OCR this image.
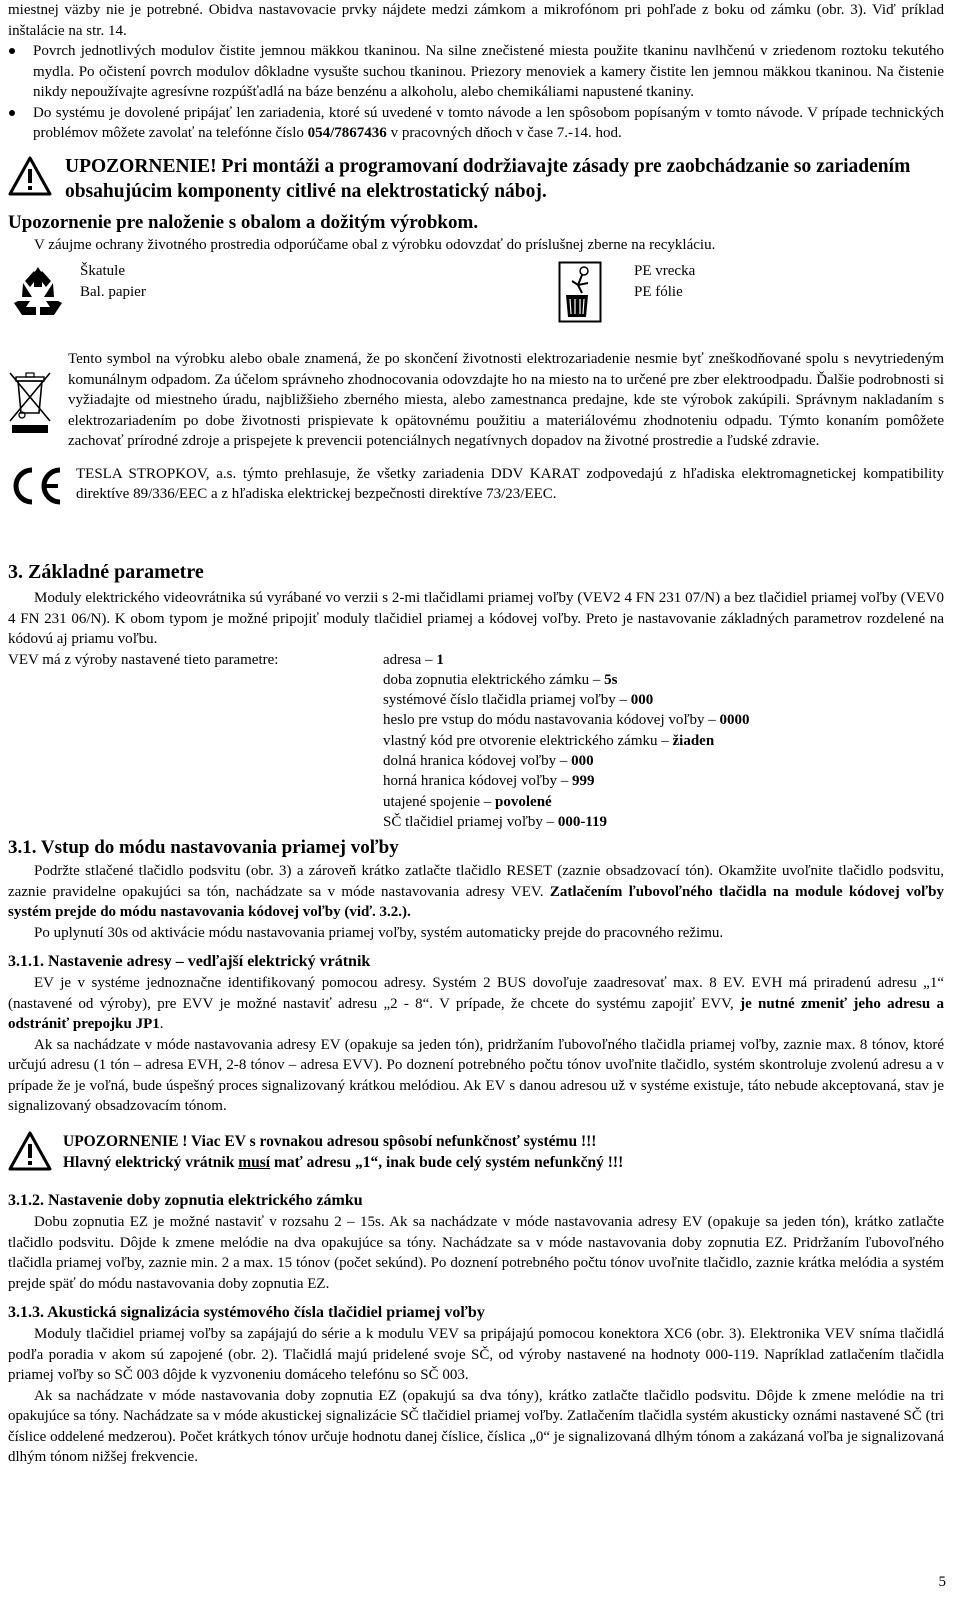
miestnej väzby nie je potrebné. Obidva nastavovacie prvky nájdete medzi zámkom a mikrofónom pri pohľade z boku od zámku (obr. 3). Viď príklad inštalácie na str. 14.

Povrch jednotlivých modulov čistite jemnou mäkkou tkaninou. Na silne znečistené miesta použite tkaninu navlhčenú v zriedenom roztoku tekutého mydla. Po očistení povrch modulov dôkladne vysušte suchou tkaninou. Priezory menoviek a kamery čistite len jemnou mäkkou tkaninou. Na čistenie nikdy nepoužívajte agresívne rozpúšťadlá na báze benzénu a alkoholu, alebo chemikáliami napustené tkaniny.
Do systému je dovolené pripájať len zariadenia, ktoré sú uvedené v tomto návode a len spôsobom popísaným v tomto návode. V prípade technických problémov môžete zavolať na telefónne číslo 054/7867436 v pracovných dňoch v čase 7.-14. hod.
UPOZORNENIE! Pri montáži a programovaní dodržiavajte zásady pre zaobchádzanie so zariadením obsahujúcim komponenty citlivé na elektrostatický náboj.
Upozornenie pre naloženie s obalom a dožitým výrobkom.

V záujme ochrany životného prostredia odporúčame obal z výrobku odovzdať do príslušnej zberne na recykláciu.

Škatule
Bal. papier
PE vrecka
PE fólie

Tento symbol na výrobku alebo obale znamená, že po skončení životnosti elektrozariadenie nesmie byť zneškodňované spolu s nevytriedeným komunálnym odpadom. Za účelom správneho zhodnocovania odovzdajte ho na miesto na to určené pre zber elektroodpadu. Ďalšie podrobnosti si vyžiadajte od miestneho úradu, najbližšieho zberného miesta, alebo zamestnanca predajne, kde ste výrobok zakúpili. Správnym nakladaním s elektrozariadením po dobe životnosti prispievate k opätovnému použitiu a materiálovému zhodnoteniu odpadu. Týmto konaním pomôžete zachovať prírodné zdroje a prispejete k prevencii potenciálnych negatívnych dopadov na životné prostredie a ľudské zdravie.

TESLA STROPKOV, a.s. týmto prehlasuje, že všetky zariadenia DDV KARAT zodpovedajú z hľadiska elektromagnetickej kompatibility direktíve 89/336/EEC a z hľadiska elektrickej bezpečnosti direktíve 73/23/EEC.

3. Základné parametre

Moduly elektrického videovrátnika sú vyrábané vo verzii s 2-mi tlačidlami priamej voľby (VEV2 4 FN 231 07/N) a bez tlačidiel priamej voľby (VEV0 4 FN 231 06/N). K obom typom je možné pripojiť moduly tlačidiel priamej a kódovej voľby. Preto je nastavovanie základných parametrov rozdelené na kódovú aj priamu voľbu.

VEV má z výroby nastavené tieto parametre:	adresa – 1
doba zopnutia elektrického zámku – 5s
systémové číslo tlačidla priamej voľby – 000
heslo pre vstup do módu nastavovania kódovej voľby – 0000
vlastný kód pre otvorenie elektrického zámku – žiaden
dolná hranica kódovej voľby – 000
horná hranica kódovej voľby – 999
utajené spojenie – povolené
SČ tlačidiel priamej voľby – 000-119
3.1. Vstup do módu nastavovania priamej voľby

Podržte stlačené tlačidlo podsvitu (obr. 3) a zároveň krátko zatlačte tlačidlo RESET (zaznie obsadzovací tón). Okamžite uvoľnite tlačidlo podsvitu, zaznie pravidelne opakujúci sa tón, nachádzate sa v móde nastavovania adresy VEV. Zatlačením ľubovoľného tlačidla na module kódovej voľby systém prejde do módu nastavovania kódovej voľby (viď. 3.2.).

Po uplynutí 30s od aktivácie módu nastavovania priamej voľby, systém automaticky prejde do pracovného režimu.

3.1.1. Nastavenie adresy – vedľajší elektrický vrátnik

EV je v systéme jednoznačne identifikovaný pomocou adresy. Systém 2 BUS dovoľuje zaadresovať max. 8 EV. EVH má priradenú adresu „1“ (nastavené od výroby), pre EVV je možné nastaviť adresu „2 - 8“. V prípade, že chcete do systému zapojiť EVV, je nutné zmeniť jeho adresu a odstrániť prepojku JP1.

Ak sa nachádzate v móde nastavovania adresy EV (opakuje sa jeden tón), pridržaním ľubovoľného tlačidla priamej voľby, zaznie max. 8 tónov, ktoré určujú adresu (1 tón – adresa EVH, 2-8 tónov – adresa EVV). Po doznení potrebného počtu tónov uvoľnite tlačidlo, systém skontroluje zvolenú adresu a v prípade že je voľná, bude úspešný proces signalizovaný krátkou melódiou. Ak EV s danou adresou už v systéme existuje, táto nebude akceptovaná, stav je signalizovaný obsadzovacím tónom.

UPOZORNENIE ! Viac EV s rovnakou adresou spôsobí nefunkčnosť systému !!!
Hlavný elektrický vrátnik musí mať adresu „1“, inak bude celý systém nefunkčný !!!
3.1.2. Nastavenie doby zopnutia elektrického zámku

Dobu zopnutia EZ je možné nastaviť v rozsahu 2 – 15s. Ak sa nachádzate v móde nastavovania adresy EV (opakuje sa jeden tón), krátko zatlačte tlačidlo podsvitu. Dôjde k zmene melódie na dva opakujúce sa tóny. Nachádzate sa v móde nastavovania doby zopnutia EZ. Pridržaním ľubovoľného tlačidla priamej voľby, zaznie min. 2 a max. 15 tónov (počet sekúnd). Po doznení potrebného počtu tónov uvoľnite tlačidlo, zaznie krátka melódia a systém prejde späť do módu nastavovania doby zopnutia EZ.

3.1.3. Akustická signalizácia systémového čísla tlačidiel priamej voľby

Moduly tlačidiel priamej voľby sa zapájajú do série a k modulu VEV sa pripájajú pomocou konektora XC6 (obr. 3). Elektronika VEV sníma tlačidlá podľa poradia v akom sú zapojené (obr. 2). Tlačidlá majú pridelené svoje SČ, od výroby nastavené na hodnoty 000-119. Napríklad zatlačením tlačidla priamej voľby so SČ 003 dôjde k vyzvoneniu domáceho telefónu so SČ 003.

Ak sa nachádzate v móde nastavovania doby zopnutia EZ (opakujú sa dva tóny), krátko zatlačte tlačidlo podsvitu. Dôjde k zmene melódie na tri opakujúce sa tóny. Nachádzate sa v móde akustickej signalizácie SČ tlačidiel priamej voľby. Zatlačením tlačidla systém akusticky oznámi nastavené SČ (tri číslice oddelené medzerou). Počet krátkych tónov určuje hodnotu danej číslice, číslica „0“ je signalizovaná dlhým tónom a zakázaná voľba je signalizovaná dlhým tónom nižšej frekvencie.

5
